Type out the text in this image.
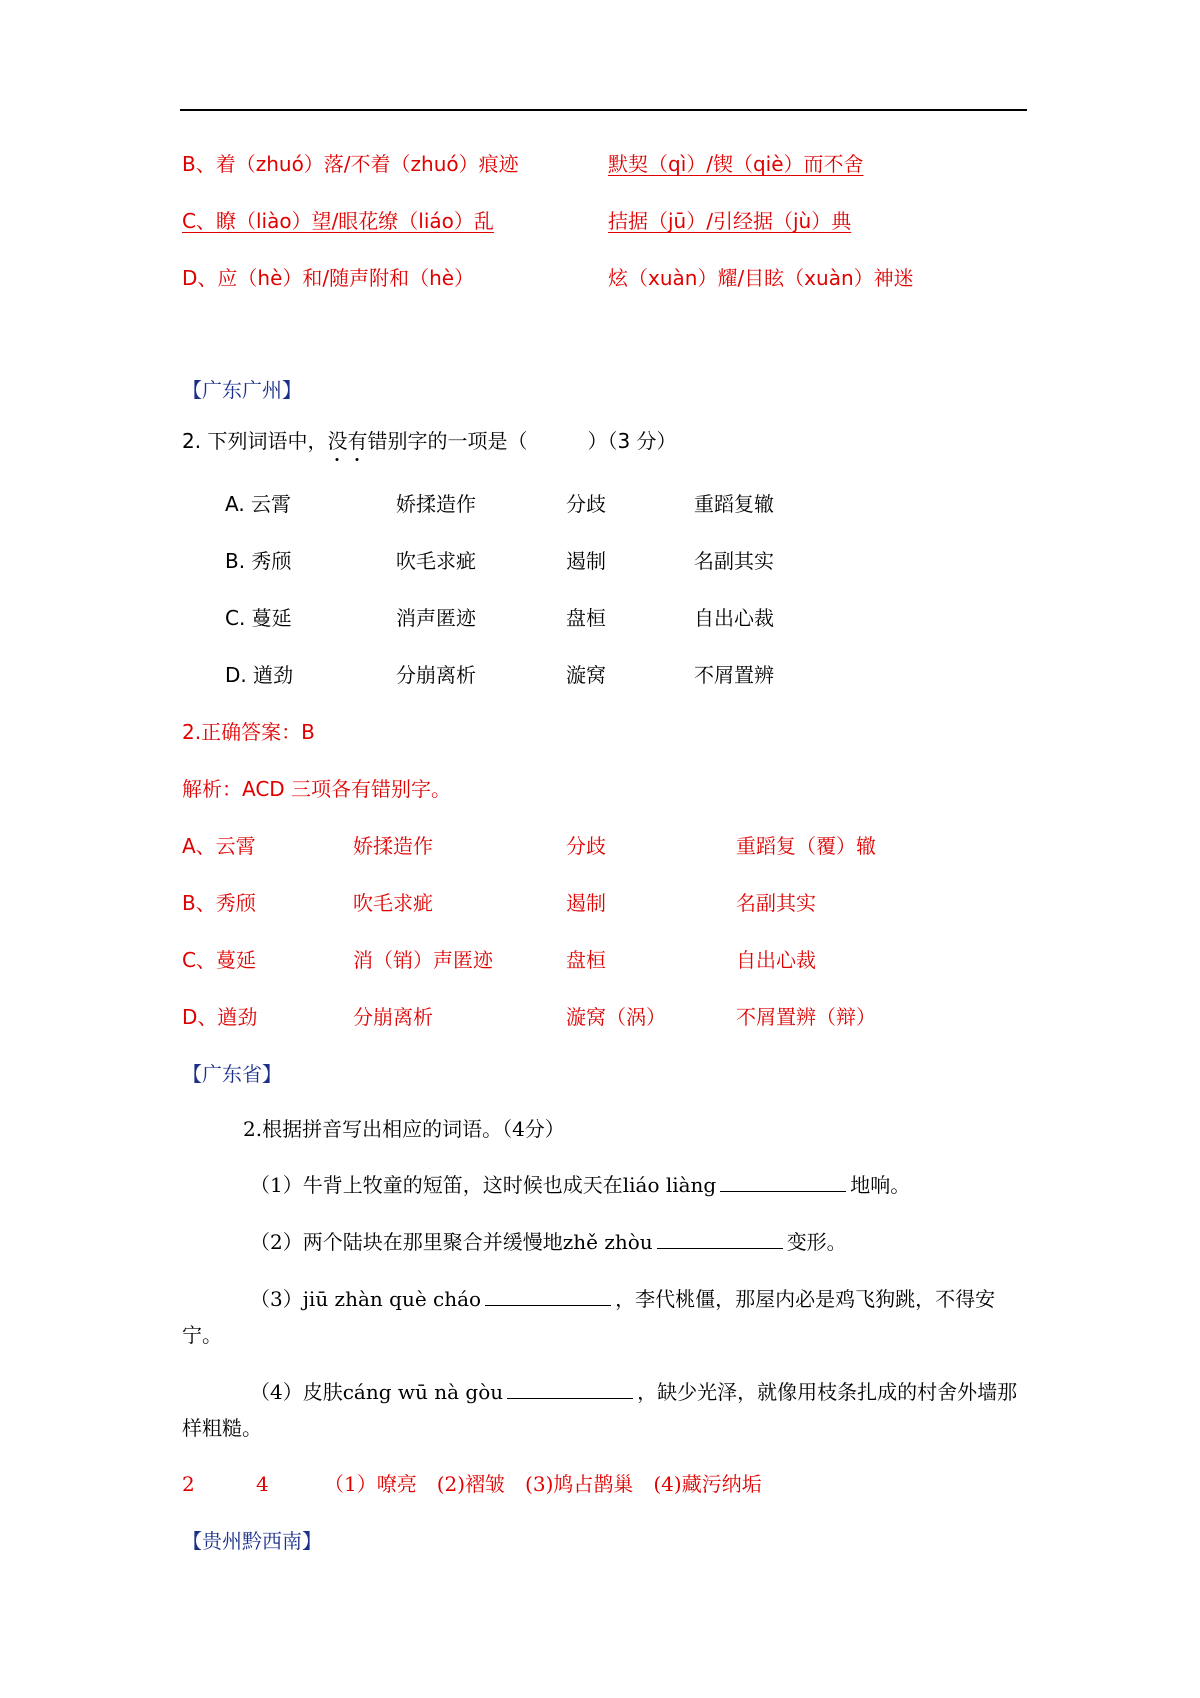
B、着（zhuó）落/不着（zhuó）痕迹	默契（qì）/锲（qiè）而不舍
C、瞭（liào）望/眼花缭（liáo）乱	拮据（jū）/引经据（jù）典
D、应（hè）和/随声附和（hè）	炫（xuàn）耀/目眩（xuàn）神迷
【广东广州】
2. 下列词语中，没有错别字的一项是（　　　）（3 分）
A. 云霄	娇揉造作	分歧	重蹈复辙
B. 秀颀	吹毛求疵	遏制	名副其实
C. 蔓延	消声匿迹	盘桓	自出心裁
D. 遒劲	分崩离析	漩窝	不屑置辨
2.正确答案：B
解析：ACD 三项各有错别字。
A、云霄	娇揉造作	分歧	重蹈复（覆）辙
B、秀颀	吹毛求疵	遏制	名副其实
C、蔓延	消（销）声匿迹	盘桓	自出心裁
D、遒劲	分崩离析	漩窝（涡）	不屑置辨（辩）
【广东省】
2.根据拼音写出相应的词语。（4分）
（1）牛背上牧童的短笛，这时候也成天在liáo liàng	地响。
（2）两个陆块在那里聚合并缓慢地zhě zhòu	变形。
（3）jiū zhàn què cháo	，李代桃僵，那屋内必是鸡飞狗跳，不得安
宁。
（4）皮肤cáng wū nà gòu	，缺少光泽，就像用枝条扎成的村舍外墙那
样粗糙。
2	4	（1）嘹亮　(2)褶皱　(3)鸠占鹊巢　(4)藏污纳垢
【贵州黔西南】
